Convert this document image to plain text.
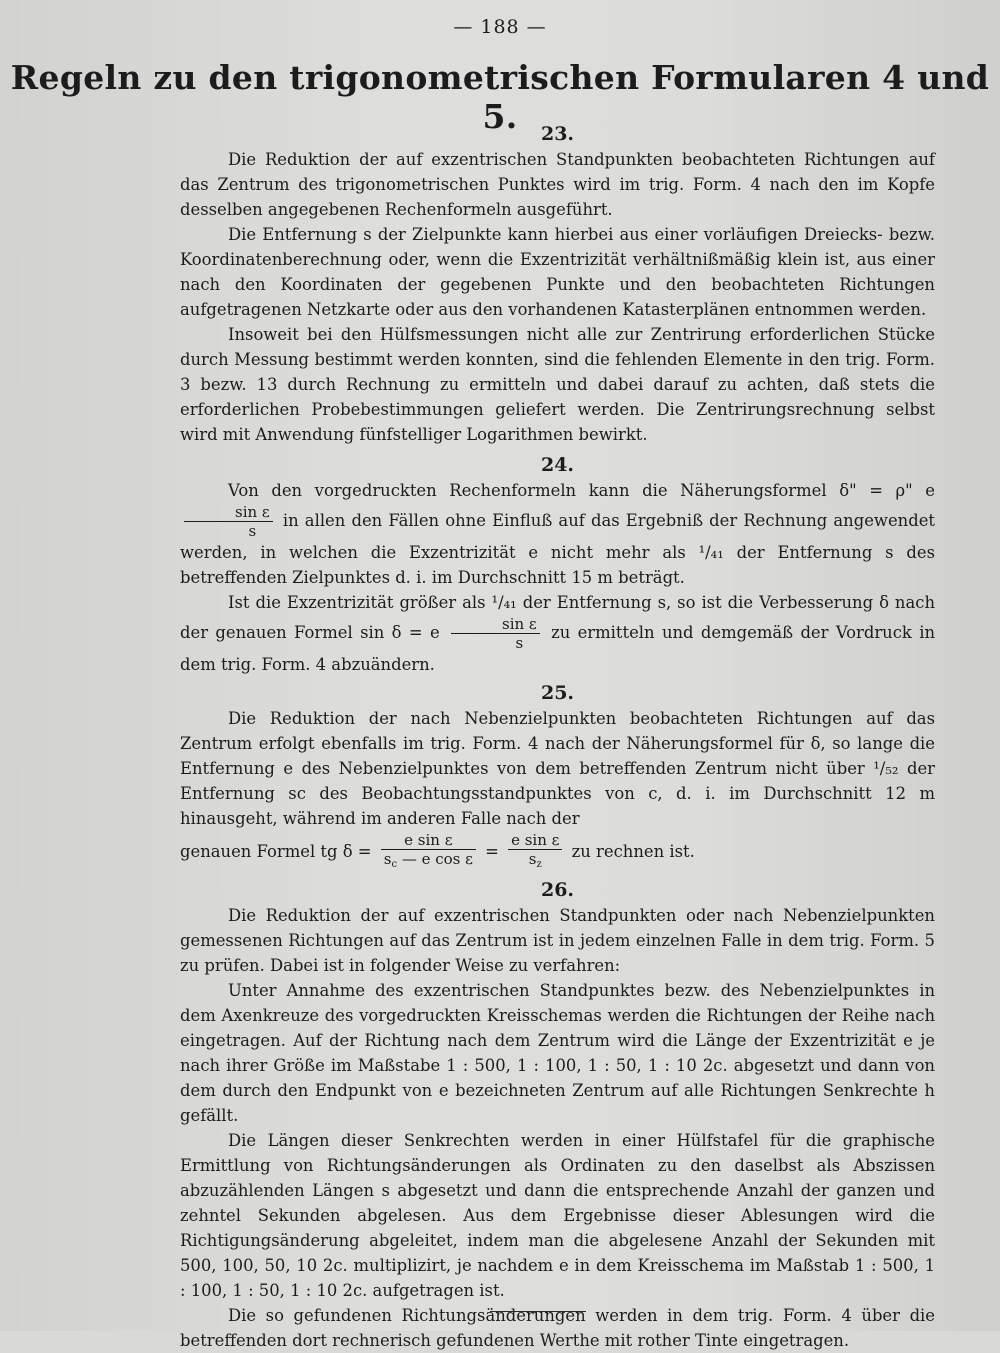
— 188 —
Regeln zu den trigonometrischen Formularen 4 und 5.	23.

Die Reduktion der auf exzentrischen Standpunkten beobachteten Richtungen auf das Zentrum des trigonometrischen Punktes wird im trig. Form. 4 nach den im Kopfe desselben angegebenen Rechenformeln ausgeführt.

Die Entfernung s der Zielpunkte kann hierbei aus einer vorläufigen Dreiecks- bezw. Koordinatenberechnung oder, wenn die Exzentrizität verhältnißmäßig klein ist, aus einer nach den Koordinaten der gegebenen Punkte und den beobachteten Richtungen aufgetragenen Netzkarte oder aus den vorhandenen Katasterplänen entnommen werden.

Insoweit bei den Hülfsmessungen nicht alle zur Zentrirung erforderlichen Stücke durch Messung bestimmt werden konnten, sind die fehlenden Elemente in den trig. Form. 3 bezw. 13 durch Rechnung zu ermitteln und dabei darauf zu achten, daß stets die erforderlichen Probebestimmungen geliefert werden. Die Zentrirungsrechnung selbst wird mit Anwendung fünfstelliger Logarithmen bewirkt.

24.

Von den vorgedruckten Rechenformeln kann die Näherungsformel δ" = ρ" e
$\frac{\text{sin ε}}{s}$ in allen den Fällen ohne Einfluß auf das Ergebniß der Rechnung angewendet werden, in welchen die Exzentrizität e nicht mehr als ¹/₄₁ der Entfernung s des betreffenden Zielpunktes d. i. im Durchschnitt 15 m beträgt.

Ist die Exzentrizität größer als ¹/₄₁ der Entfernung s, so ist die Verbesserung δ nach der genauen Formel sin δ = e $\frac{\text{sin ε}}{s}$ zu ermitteln und demgemäß der Vordruck in dem trig. Form. 4 abzuändern.

25.

Die Reduktion der nach Nebenzielpunkten beobachteten Richtungen auf das Zentrum erfolgt ebenfalls im trig. Form. 4 nach der Näherungsformel für δ, so lange die Entfernung e des Nebenzielpunktes von dem betreffenden Zentrum nicht über ¹/₅₂ der Entfernung sc des Beobachtungsstandpunktes von c, d. i. im Durchschnitt 12 m hinausgeht, während im anderen Falle nach der

genauen Formel tg $\delta = \frac{\text{e sin ε}}{s_c — e \cos \varepsilon} = \frac{\text{e sin ε}}{s_z}$ zu rechnen ist.

26.

Die Reduktion der auf exzentrischen Standpunkten oder nach Nebenzielpunkten gemessenen Richtungen auf das Zentrum ist in jedem einzelnen Falle in dem trig. Form. 5 zu prüfen. Dabei ist in folgender Weise zu verfahren:

Unter Annahme des exzentrischen Standpunktes bezw. des Nebenzielpunktes in dem Axenkreuze des vorgedruckten Kreisschemas werden die Richtungen der Reihe nach eingetragen. Auf der Richtung nach dem Zentrum wird die Länge der Exzentrizität e je nach ihrer Größe im Maßstabe 1 : 500, 1 : 100, 1 : 50, 1 : 10 2c. abgesetzt und dann von dem durch den Endpunkt von e bezeichneten Zentrum auf alle Richtungen Senkrechte h gefällt.

Die Längen dieser Senkrechten werden in einer Hülfstafel für die graphische Ermittlung von Richtungsänderungen als Ordinaten zu den daselbst als Abszissen abzuzählenden Längen s abgesetzt und dann die entsprechende Anzahl der ganzen und zehntel Sekunden abgelesen. Aus dem Ergebnisse dieser Ablesungen wird die Richtigungsänderung abgeleitet, indem man die abgelesene Anzahl der Sekunden mit 500, 100, 50, 10 2c. multiplizirt, je nachdem e in dem Kreisschema im Maßstab 1 : 500, 1 : 100, 1 : 50, 1 : 10 2c. aufgetragen ist.

Die so gefundenen Richtungsänderungen werden in dem trig. Form. 4 über die betreffenden dort rechnerisch gefundenen Werthe mit rother Tinte eingetragen.
